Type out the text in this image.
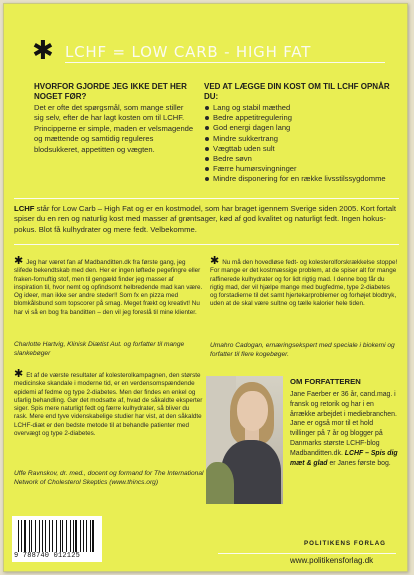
✱ LCHF = LOW CARB - HIGH FAT
HVORFOR GJORDE JEG IKKE DET HER NOGET FØR?
Det er ofte det spørgsmål, som mange stiller sig selv, efter de har lagt kosten om til LCHF. Principperne er simple, maden er velsmagende og mættende og samtidig reguleres blodsukkeret, appetitten og vægten.
VED AT LÆGGE DIN KOST OM TIL LCHF OPNÅR DU:
Lang og stabil mæthed
Bedre appetitregulering
God energi dagen lang
Mindre sukkertrang
Vægttab uden sult
Bedre søvn
Færre humørsvingninger
Mindre disponering for en række livsstilssygdomme

LCHF står for Low Carb – High Fat og er en kostmodel, som har braget igennem Sverige siden 2005. Kort fortalt spiser du en ren og naturlig kost med masser af grøntsager, kød af god kvalitet og naturligt fedt. Ingen hokus-pokus. Blot få kulhydrater og mere fedt. Velbekomme.

✱ Jeg har været fan af Madbanditten.dk fra første gang, jeg slifede bekendtskab med den. Her er ingen løftede pegefingre eller fraken-fornuftig stof, men til gengæld finder jeg masser af inspiration til, hvor nemt og opfindsomt helbredende mad kan være. Og ideer, man ikke ser andre steder!! Som fx en pizza med blomkålsbund som topscorer på smag. Meget frækt og kreativt! Nu har vi så en bog fra banditten – den vil jeg foreslå til mine klienter.

Charlotte Hartvig, Klinisk Diætist Aut. og forfatter til mange slankebøger

✱ Nu må den hovedløse fedt- og kolesterolforskrækkelse stoppe! For mange er det kostmæssige problem, at de spiser alt for mange raffinerede kulhydrater og for lidt rigtig mad. I denne bog får du rigtig mad, der vil hjælpe mange med bugfedme, type 2-diabetes og forstadierne til det samt hjertekarproblemer og forhøjet blodtryk, uden at de skal være sultne og tælle kalorier hele tiden.

Umahro Cadogan, ernæringsekspert med speciale i biokemi og forfatter til flere kogebøger.

✱ Et af de værste resultater af kolesterolkampagnen, den største medicinske skandale i moderne tid, er en verdensomspændende epidemi af fedme og type 2-diabetes. Men der findes en enkel og ufarlig behandling. Gør det modsatte af, hvad de såkaldte eksperter siger. Spis mere naturligt fedt og færre kulhydrater, så bliver du rask. Mere end tyve videnskabelige studier har vist, at den såkaldte LCHF-diæt er den bedste metode til at behandle patienter med overvægt og type 2-diabetes.

Uffe Ravnskov, dr. med., docent og formand for The International Network of Cholesterol Skeptics (www.thincs.org)

OM FORFATTEREN

Jane Faerber er 36 år, cand.mag. i fransk og retorik og har i en årrække arbejdet i mediebranchen. Jane er også mor til et hold tvillinger på 7 år og blogger på Danmarks største LCHF-blog Madbanditten.dk. LCHF – Spis dig mæt & glad er Janes første bog.

9 788740 012125
POLITIKENS FORLAG
www.politikensforlag.dk
